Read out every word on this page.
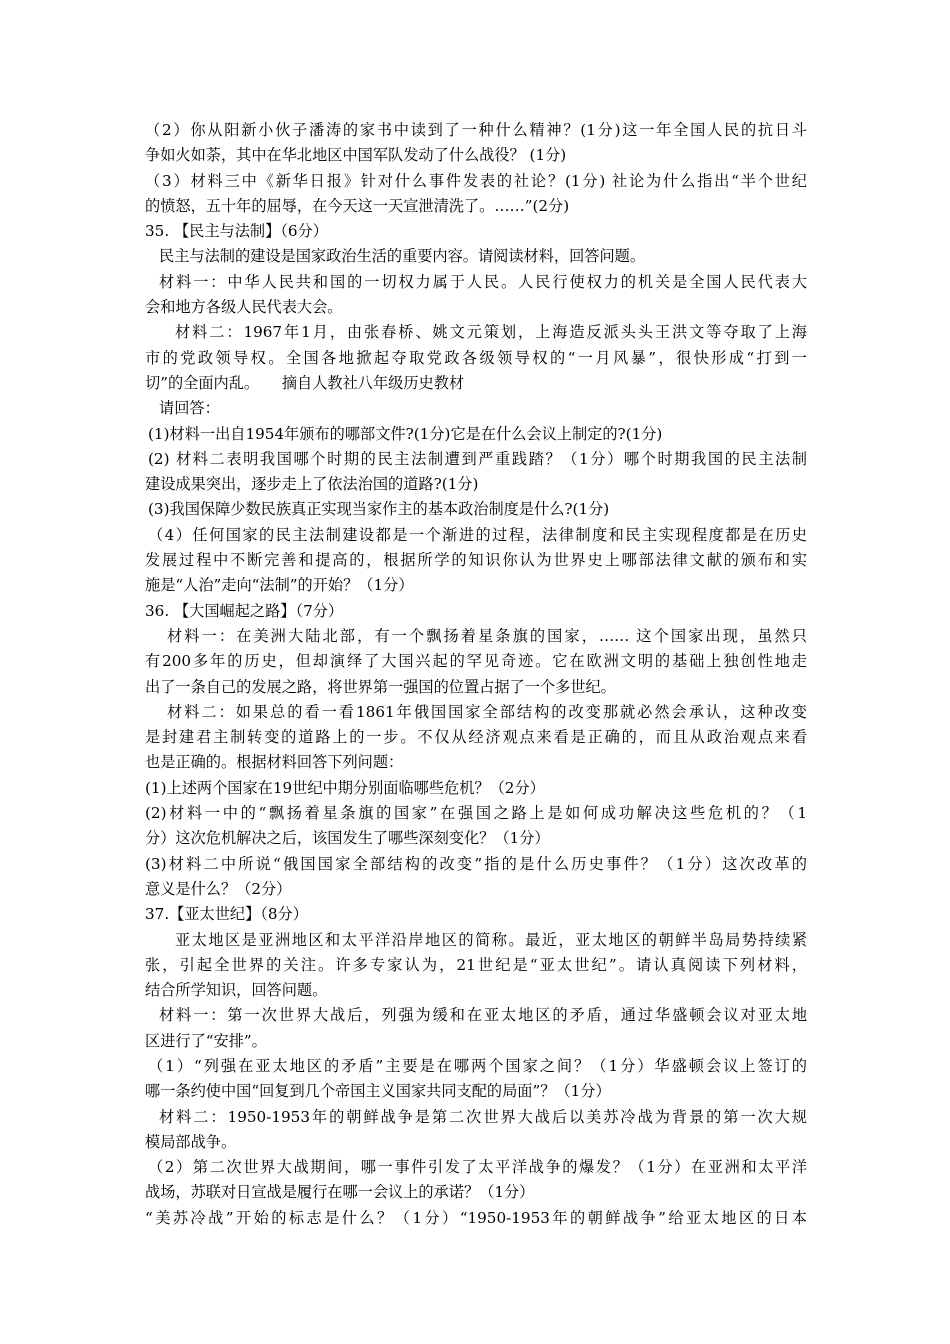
（2）你从阳新小伙子潘涛的家书中读到了一种什么精神？(1分)这一年全国人民的抗日斗
争如火如荼，其中在华北地区中国军队发动了什么战役？ (1分)
（3）材料三中《新华日报》针对什么事件发表的社论？(1分) 社论为什么指出“半个世纪
的愤怒，五十年的屈辱，在今天这一天宣泄清洗了。……”(2分)
35. 【民主与法制】（6分）
民主与法制的建设是国家政治生活的重要内容。请阅读材料，回答问题。
材料一：中华人民共和国的一切权力属于人民。人民行使权力的机关是全国人民代表大
会和地方各级人民代表大会。
材料二：1967年1月，由张春桥、姚文元策划，上海造反派头头王洪文等夺取了上海
市的党政领导权。全国各地掀起夺取党政各级领导权的“一月风暴”，很快形成“打到一
切”的全面内乱。　　摘自人教社八年级历史教材
请回答：
(1)材料一出自1954年颁布的哪部文件?(1分)它是在什么会议上制定的?(1分)
(2) 材料二表明我国哪个时期的民主法制遭到严重践踏？（1分）哪个时期我国的民主法制
建设成果突出，逐步走上了依法治国的道路?(1分)
(3)我国保障少数民族真正实现当家作主的基本政治制度是什么?(1分)
（4）任何国家的民主法制建设都是一个渐进的过程，法律制度和民主实现程度都是在历史
发展过程中不断完善和提高的，根据所学的知识你认为世界史上哪部法律文献的颁布和实
施是“人治”走向“法制”的开始？（1分）
36. 【大国崛起之路】（7分）
材料一：在美洲大陆北部，有一个飘扬着星条旗的国家，…… 这个国家出现，虽然只
有200多年的历史，但却演绎了大国兴起的罕见奇迹。它在欧洲文明的基础上独创性地走
出了一条自己的发展之路，将世界第一强国的位置占据了一个多世纪。
材料二：如果总的看一看1861年俄国国家全部结构的改变那就必然会承认，这种改变
是封建君主制转变的道路上的一步。不仅从经济观点来看是正确的，而且从政治观点来看
也是正确的。根据材料回答下列问题：
(1)上述两个国家在19世纪中期分别面临哪些危机？（2分）
(2)材料一中的“飘扬着星条旗的国家”在强国之路上是如何成功解决这些危机的？（1
分）这次危机解决之后，该国发生了哪些深刻变化？（1分）
(3)材料二中所说“俄国国家全部结构的改变”指的是什么历史事件？（1分）这次改革的
意义是什么？（2分）
37.【亚太世纪】（8分）
亚太地区是亚洲地区和太平洋沿岸地区的简称。最近，亚太地区的朝鲜半岛局势持续紧
张，引起全世界的关注。许多专家认为，21世纪是“亚太世纪”。请认真阅读下列材料，
结合所学知识，回答问题。
材料一：第一次世界大战后，列强为缓和在亚太地区的矛盾，通过华盛顿会议对亚太地
区进行了“安排”。
（1）“列强在亚太地区的矛盾”主要是在哪两个国家之间？（1分）华盛顿会议上签订的
哪一条约使中国“回复到几个帝国主义国家共同支配的局面”？（1分）
材料二：1950-1953年的朝鲜战争是第二次世界大战后以美苏冷战为背景的第一次大规
模局部战争。
（2）第二次世界大战期间，哪一事件引发了太平洋战争的爆发？（1分）在亚洲和太平洋
战场，苏联对日宣战是履行在哪一会议上的承诺？（1分）
“美苏冷战”开始的标志是什么？（1分）“1950-1953年的朝鲜战争”给亚太地区的日本
